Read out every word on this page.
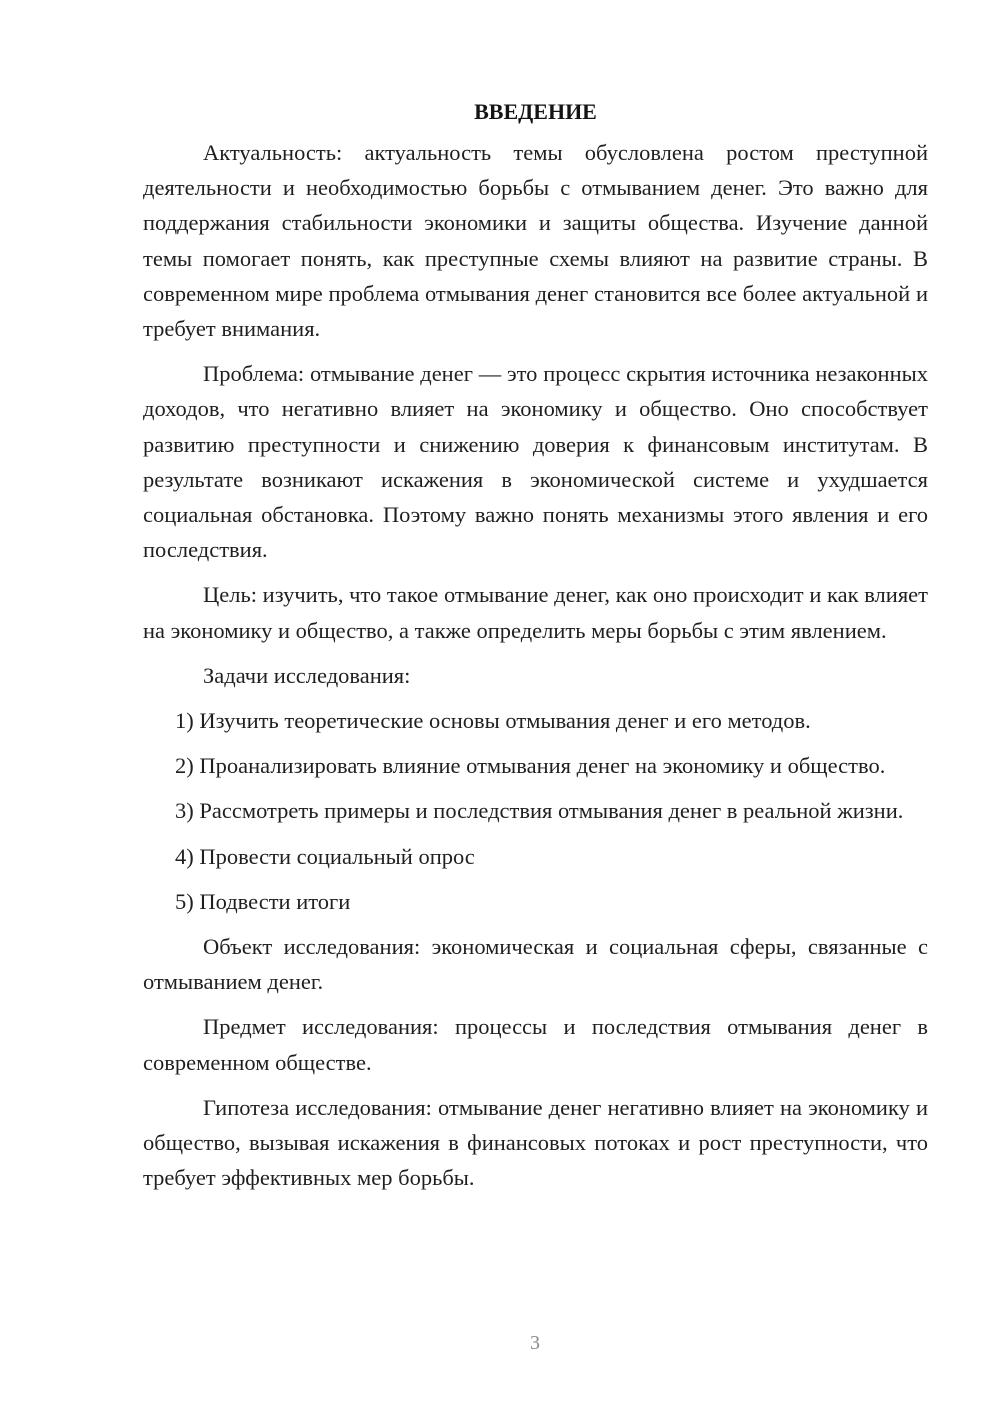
ВВЕДЕНИЕ

Актуальность: актуальность темы обусловлена ростом преступной деятельности и необходимостью борьбы с отмыванием денег. Это важно для поддержания стабильности экономики и защиты общества. Изучение данной темы помогает понять, как преступные схемы влияют на развитие страны. В современном мире проблема отмывания денег становится все более актуальной и требует внимания.

Проблема: отмывание денег — это процесс скрытия источника незаконных доходов, что негативно влияет на экономику и общество. Оно способствует развитию преступности и снижению доверия к финансовым институтам. В результате возникают искажения в экономической системе и ухудшается социальная обстановка. Поэтому важно понять механизмы этого явления и его последствия.

Цель: изучить, что такое отмывание денег, как оно происходит и как влияет на экономику и общество, а также определить меры борьбы с этим явлением.

Задачи исследования:

1) Изучить теоретические основы отмывания денег и его методов.

2) Проанализировать влияние отмывания денег на экономику и общество.

3) Рассмотреть примеры и последствия отмывания денег в реальной жизни.

4) Провести социальный опрос

5) Подвести итоги

Объект исследования: экономическая и социальная сферы, связанные с отмыванием денег.

Предмет исследования: процессы и последствия отмывания денег в современном обществе.

Гипотеза исследования: отмывание денег негативно влияет на экономику и общество, вызывая искажения в финансовых потоках и рост преступности, что требует эффективных мер борьбы.

3
